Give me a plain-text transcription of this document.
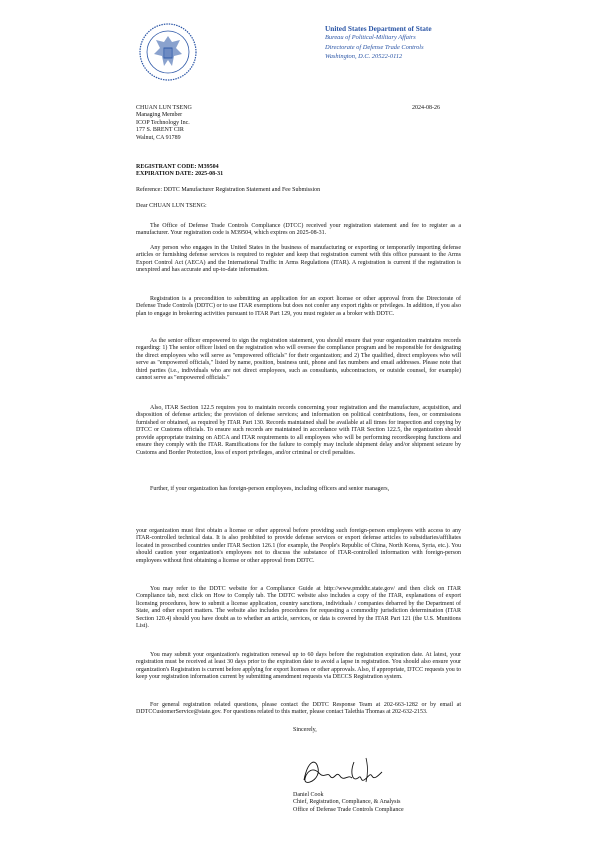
United States Department of State
Bureau of Political-Military Affairs
Directorate of Defense Trade Controls
Washington, D.C. 20522-0112
2024-08-26
CHUAN LUN TSENG
Managing Member
ICOP Technology Inc.
177 S. BRENT CIR
Walnut, CA 91789
REGISTRANT CODE: M39504
EXPIRATION DATE: 2025-08-31
Reference: DDTC Manufacturer Registration Statement and Fee Submission
Dear CHUAN LUN TSENG:
The Office of Defense Trade Controls Compliance (DTCC) received your registration statement and fee to register as a manufacturer. Your registration code is M39504, which expires on 2025-08-31.
Any person who engages in the United States in the business of manufacturing or exporting or temporarily importing defense articles or furnishing defense services is required to register and keep that registration current with this office pursuant to the Arms Export Control Act (AECA) and the International Traffic in Arms Regulations (ITAR). A registration is current if the registration is unexpired and has accurate and up-to-date information.
Registration is a precondition to submitting an application for an export license or other approval from the Directorate of Defense Trade Controls (DDTC) or to use ITAR exemptions but does not confer any export rights or privileges. In addition, if you also plan to engage in brokering activities pursuant to ITAR Part 129, you must register as a broker with DDTC.
As the senior officer empowered to sign the registration statement, you should ensure that your organization maintains records regarding: 1) The senior officer listed on the registration who will oversee the compliance program and be responsible for designating the direct employees who will serve as "empowered officials" for their organization; and 2) The qualified, direct employees who will serve as "empowered officials," listed by name, position, business unit, phone and fax numbers and email addresses. Please note that third parties (i.e., individuals who are not direct employees, such as consultants, subcontractors, or outside counsel, for example) cannot serve as "empowered officials."
Also, ITAR Section 122.5 requires you to maintain records concerning your registration and the manufacture, acquisition, and disposition of defense articles; the provision of defense services; and information on political contributions, fees, or commissions furnished or obtained, as required by ITAR Part 130. Records maintained shall be available at all times for inspection and copying by DTCC or Customs officials. To ensure such records are maintained in accordance with ITAR Section 122.5, the organization should provide appropriate training on AECA and ITAR requirements to all employees who will be performing recordkeeping functions and ensure they comply with the ITAR. Ramifications for the failure to comply may include shipment delay and/or shipment seizure by Customs and Border Protection, loss of export privileges, and/or criminal or civil penalties.
Further, if your organization has foreign-person employees, including officers and senior managers,
your organization must first obtain a license or other approval before providing such foreign-person employees with access to any ITAR-controlled technical data. It is also prohibited to provide defense services or export defense articles to subsidiaries/affiliates located in proscribed countries under ITAR Section 126.1 (for example, the People's Republic of China, North Korea, Syria, etc.). You should caution your organization's employees not to discuss the substance of ITAR-controlled information with foreign-person employees without first obtaining a license or other approval from DDTC.
You may refer to the DDTC website for a Compliance Guide at http://www.pmddtc.state.gov/ and then click on ITAR Compliance tab, next click on How to Comply tab. The DDTC website also includes a copy of the ITAR, explanations of export licensing procedures, how to submit a license application, country sanctions, individuals / companies debarred by the Department of State, and other export matters. The website also includes procedures for requesting a commodity jurisdiction determination (ITAR Section 120.4) should you have doubt as to whether an article, services, or data is covered by the ITAR Part 121 (the U.S. Munitions List).
You may submit your organization's registration renewal up to 60 days before the registration expiration date. At latest, your registration must be received at least 30 days prior to the expiration date to avoid a lapse in registration. You should also ensure your organization's Registration is current before applying for export licenses or other approvals. Also, if appropriate, DTCC requests you to keep your registration information current by submitting amendment requests via DECCS Registration system.
For general registration related questions, please contact the DDTC Response Team at 202-663-1282 or by email at DDTCCustomerService@state.gov. For questions related to this matter, please contact Talethia Thomas at 202-632-2153.
Sincerely,
Daniel Cook
Chief, Registration, Compliance, & Analysis
Office of Defense Trade Controls Compliance
